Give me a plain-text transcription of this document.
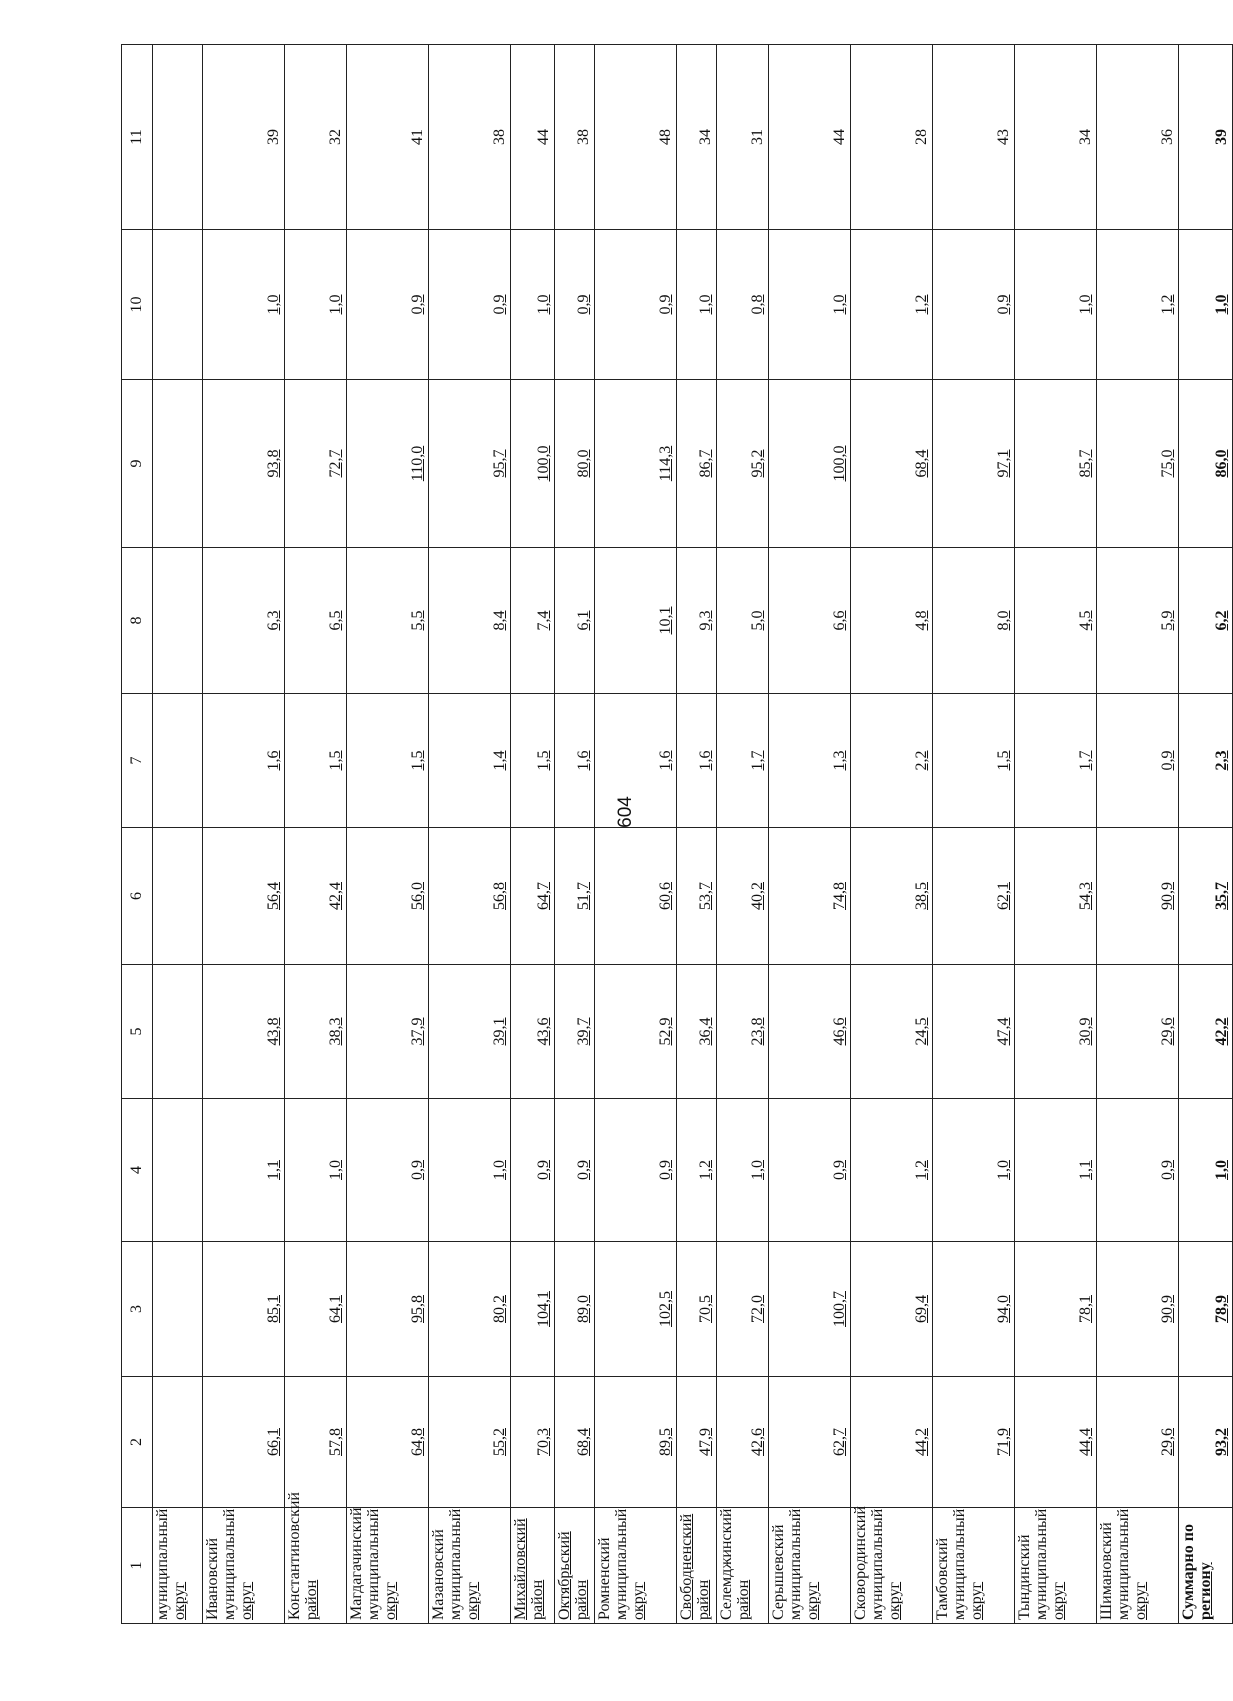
604
1	2	3	4	5	6	7	8	9	10	11

муниципальный округ										

Ивановский муниципальный округ	66,1	85,1	1,1	43,8	56,4	1,6	6,3	93,8	1,0	39

Константиновский район	57,8	64,1	1,0	38,3	42,4	1,5	6,5	72,7	1,0	32

Магдагачинский муниципальный округ	64,8	95,8	0,9	37,9	56,0	1,5	5,5	110,0	0,9	41

Мазановский муниципальный округ	55,2	80,2	1,0	39,1	56,8	1,4	8,4	95,7	0,9	38

Михайловский район	70,3	104,1	0,9	43,6	64,7	1,5	7,4	100,0	1,0	44

Октябрьский район	68,4	89,0	0,9	39,7	51,7	1,6	6,1	80,0	0,9	38

Ромненский муниципальный округ	89,5	102,5	0,9	52,9	60,6	1,6	10,1	114,3	0,9	48

Свободненский район	47,9	70,5	1,2	36,4	53,7	1,6	9,3	86,7	1,0	34

Селемджинский район	42,6	72,0	1,0	23,8	40,2	1,7	5,0	95,2	0,8	31

Серышевский муниципальный округ	62,7	100,7	0,9	46,6	74,8	1,3	6,6	100,0	1,0	44

Сковородинский муниципальный округ	44,2	69,4	1,2	24,5	38,5	2,2	4,8	68,4	1,2	28

Тамбовский муниципальный округ	71,9	94,0	1,0	47,4	62,1	1,5	8,0	97,1	0,9	43

Тындинский муниципальный округ	44,4	78,1	1,1	30,9	54,3	1,7	4,5	85,7	1,0	34

Шимановский муниципальный округ	29,6	90,9	0,9	29,6	90,9	0,9	5,9	75,0	1,2	36

Суммарно по региону	93,2	78,9	1,0	42,2	35,7	2,3	6,2	86,0	1,0	39
